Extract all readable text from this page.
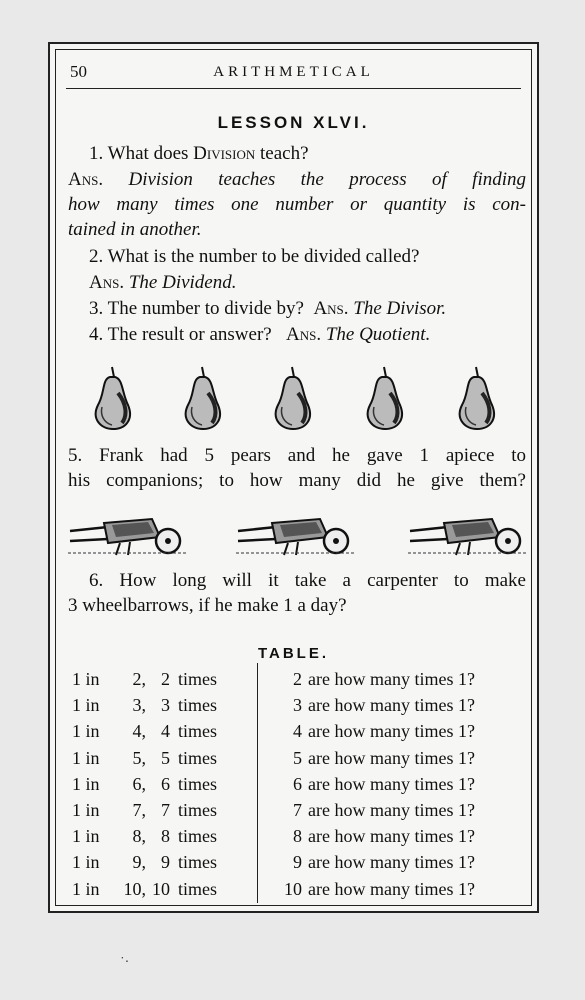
50	ARITHMETICAL
LESSON XLVI.
1. What does Division teach?
Ans. Division teaches the process of finding
how many times one number or quantity is con-
tained in another.
2. What is the number to be divided called?
Ans. The Dividend.
3. The number to divide by? Ans. The Divisor.
4. The result or answer? Ans. The Quotient.
5. Frank had 5 pears and he gave 1 apiece to
his companions; to how many did he give them?
6. How long will it take a carpenter to make
3 wheelbarrows, if he make 1 a day?
TABLE.
1 in	2, 2 times	2 are how many times 1?
1 in	3, 3 times	3 are how many times 1?
1 in	4, 4 times	4 are how many times 1?
1 in	5, 5 times	5 are how many times 1?
1 in	6, 6 times	6 are how many times 1?
1 in	7, 7 times	7 are how many times 1?
1 in	8, 8 times	8 are how many times 1?
1 in	9, 9 times	9 are how many times 1?
1 in	10, 10 times	10 are how many times 1?
˙·
